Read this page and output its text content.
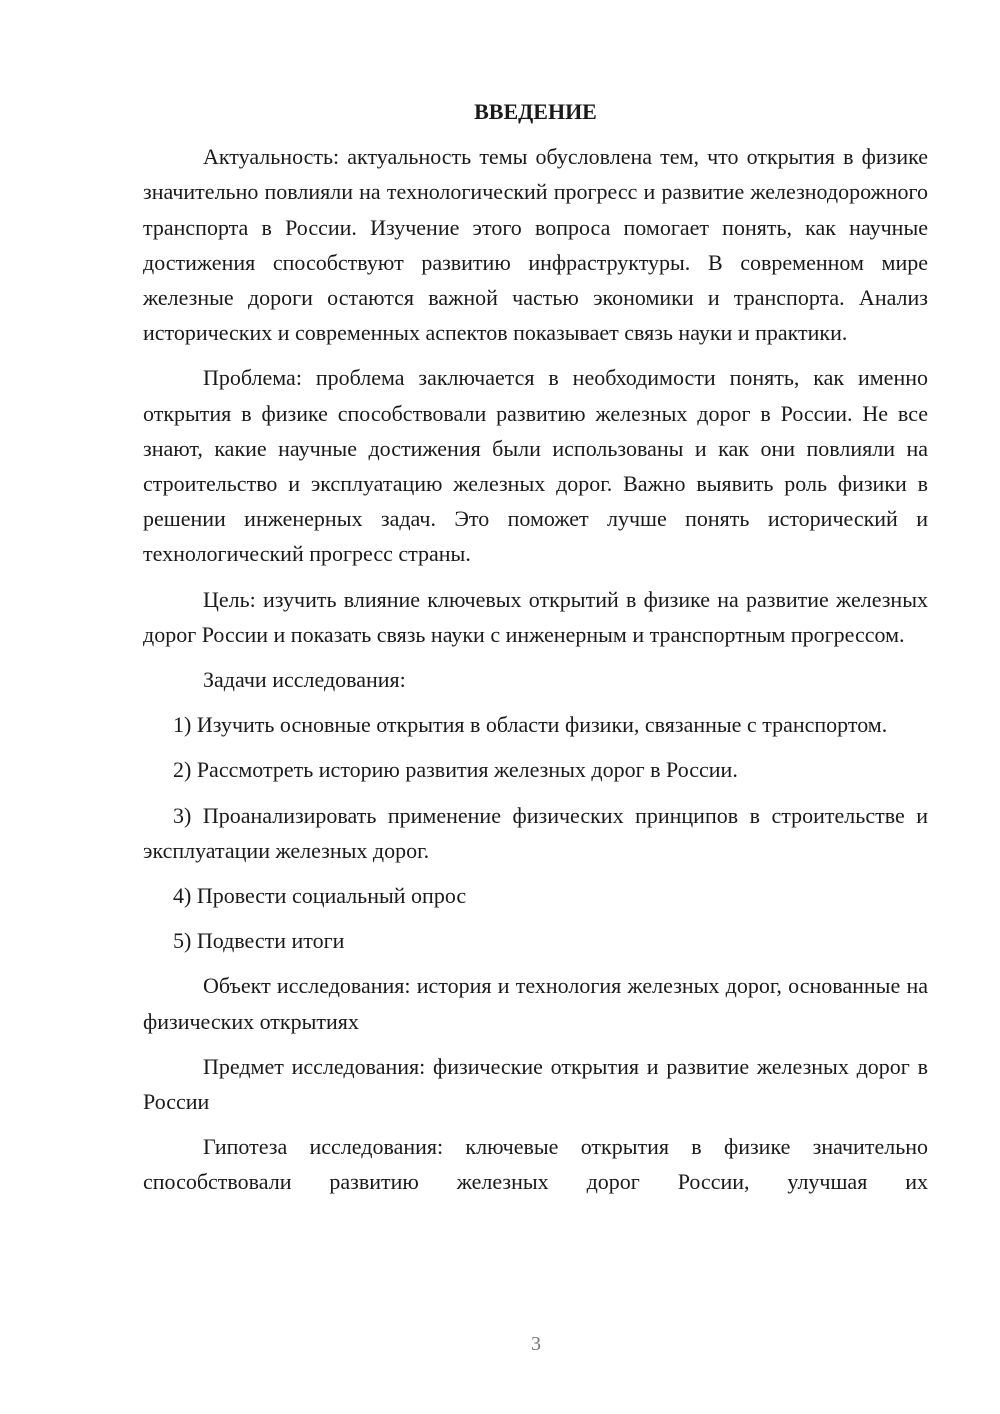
ВВЕДЕНИЕ

Актуальность: актуальность темы обусловлена тем, что открытия в физике значительно повлияли на технологический прогресс и развитие железнодорожного транспорта в России. Изучение этого вопроса помогает понять, как научные достижения способствуют развитию инфраструктуры. В современном мире железные дороги остаются важной частью экономики и транспорта. Анализ исторических и современных аспектов показывает связь науки и практики.

Проблема: проблема заключается в необходимости понять, как именно открытия в физике способствовали развитию железных дорог в России. Не все знают, какие научные достижения были использованы и как они повлияли на строительство и эксплуатацию железных дорог. Важно выявить роль физики в решении инженерных задач. Это поможет лучше понять исторический и технологический прогресс страны.

Цель: изучить влияние ключевых открытий в физике на развитие железных дорог России и показать связь науки с инженерным и транспортным прогрессом.

Задачи исследования:

1) Изучить основные открытия в области физики, связанные с транспортом.
2) Рассмотреть историю развития железных дорог в России.
3) Проанализировать применение физических принципов в строительстве и эксплуатации железных дорог.
4) Провести социальный опрос
5) Подвести итоги

Объект исследования: история и технология железных дорог, основанные на физических открытиях

Предмет исследования: физические открытия и развитие железных дорог в России

Гипотеза исследования: ключевые открытия в физике значительно способствовали развитию железных дорог России, улучшая их

3
